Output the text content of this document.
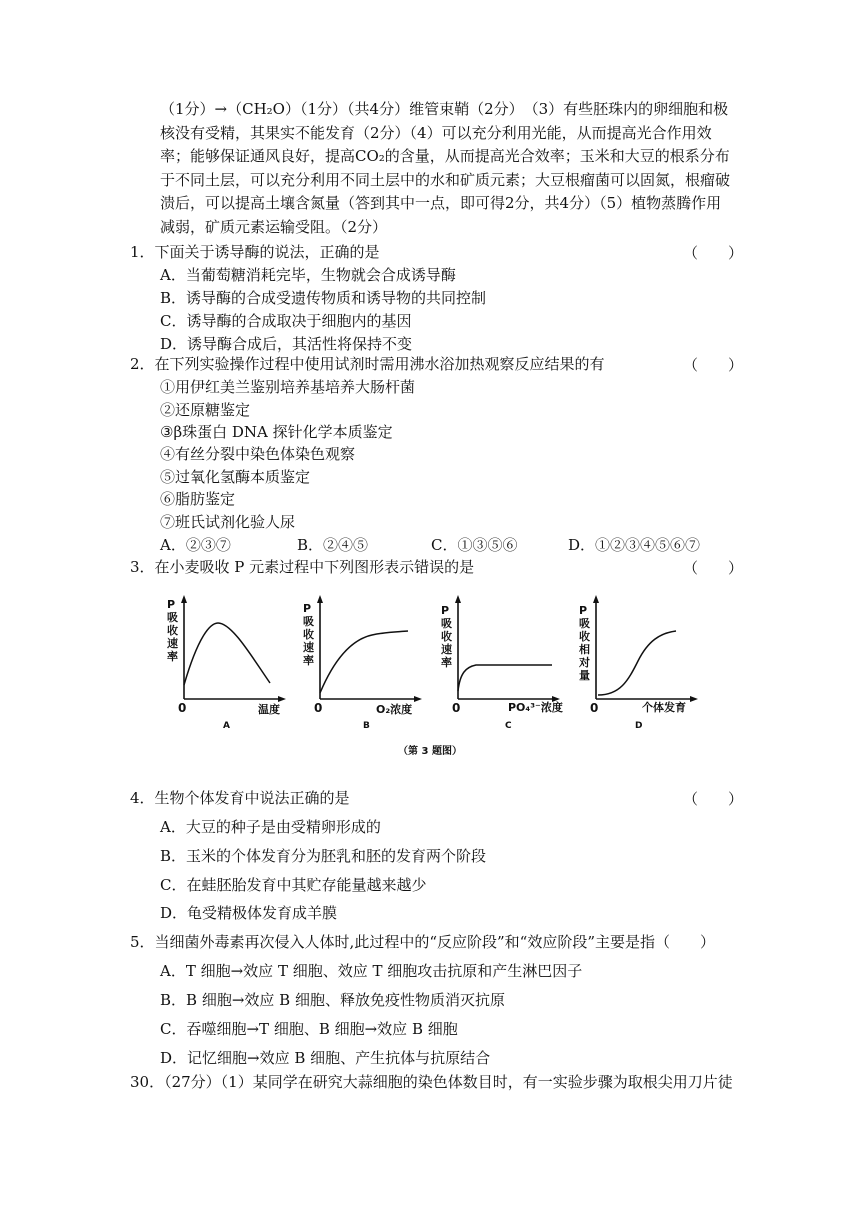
（1分）→（CH₂O）（1分）（共4分）维管束鞘（2分）　（3）有些胚珠内的卵细胞和极核没有受精，其果实不能发育（2分）（4）可以充分利用光能，从而提高光合作用效率；能够保证通风良好，提高CO₂的含量，从而提高光合效率；玉米和大豆的根系分布于不同土层，可以充分利用不同土层中的水和矿质元素；大豆根瘤菌可以固氮，根瘤破溃后，可以提高土壤含氮量（答到其中一点，即可得2分，共4分）（5）植物蒸腾作用减弱，矿质元素运输受阻。（2分）
1．下面关于诱导酶的说法，正确的是	（　　）
A．当葡萄糖消耗完毕，生物就会合成诱导酶
B．诱导酶的合成受遗传物质和诱导物的共同控制
C．诱导酶的合成取决于细胞内的基因
D．诱导酶合成后，其活性将保持不变
2．在下列实验操作过程中使用试剂时需用沸水浴加热观察反应结果的有	（　　）
①用伊红美兰鉴别培养基培养大肠杆菌
②还原糖鉴定
③β珠蛋白 DNA 探针化学本质鉴定
④有丝分裂中染色体染色观察
⑤过氧化氢酶本质鉴定
⑥脂肪鉴定
⑦班氏试剂化验人尿
A．②③⑦	B．②④⑤	C．①③⑤⑥	D．①②③④⑤⑥⑦
3．在小麦吸收 P 元素过程中下列图形表示错误的是	（　　）
P吸收速率
P吸收速率
P吸收速率
P吸收相对量
0	0	0	0
温度	O₂浓度	PO₄³⁻浓度	个体发育
A	B	C	D
（第 3 题图）
4．生物个体发育中说法正确的是	（　　）
A．大豆的种子是由受精卵形成的
B．玉米的个体发育分为胚乳和胚的发育两个阶段
C．在蛙胚胎发育中其贮存能量越来越少
D．龟受精极体发育成羊膜
5．当细菌外毒素再次侵入人体时,此过程中的“反应阶段”和“效应阶段”主要是指（　　）
A．T 细胞→效应 T 细胞、效应 T 细胞攻击抗原和产生淋巴因子
B．B 细胞→效应 B 细胞、释放免疫性物质消灭抗原
C．吞噬细胞→T 细胞、B 细胞→效应 B 细胞
D．记忆细胞→效应 B 细胞、产生抗体与抗原结合
30．（27分）（1）某同学在研究大蒜细胞的染色体数目时，有一实验步骤为取根尖用刀片徒
